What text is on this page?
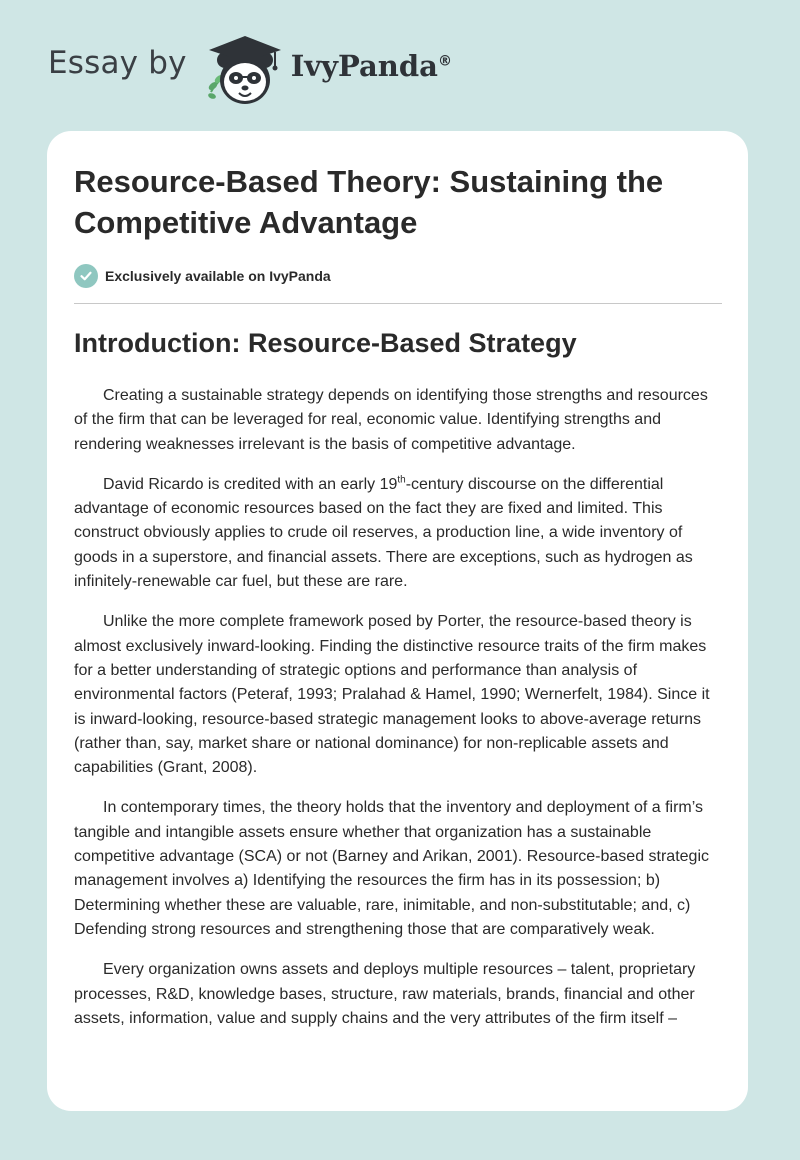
Essay by	IvyPanda®
Resource-Based Theory: Sustaining the Competitive Advantage
Exclusively available on IvyPanda
Introduction: Resource-Based Strategy

Creating a sustainable strategy depends on identifying those strengths and resources of the firm that can be leveraged for real, economic value. Identifying strengths and rendering weaknesses irrelevant is the basis of competitive advantage.

David Ricardo is credited with an early 19th-century discourse on the differential advantage of economic resources based on the fact they are fixed and limited. This construct obviously applies to crude oil reserves, a production line, a wide inventory of goods in a superstore, and financial assets. There are exceptions, such as hydrogen as infinitely-renewable car fuel, but these are rare.

Unlike the more complete framework posed by Porter, the resource-based theory is almost exclusively inward-looking. Finding the distinctive resource traits of the firm makes for a better understanding of strategic options and performance than analysis of environmental factors (Peteraf, 1993; Pralahad & Hamel, 1990; Wernerfelt, 1984). Since it is inward-looking, resource-based strategic management looks to above-average returns (rather than, say, market share or national dominance) for non-replicable assets and capabilities (Grant, 2008).

In contemporary times, the theory holds that the inventory and deployment of a firm’s tangible and intangible assets ensure whether that organization has a sustainable competitive advantage (SCA) or not (Barney and Arikan, 2001). Resource-based strategic management involves a) Identifying the resources the firm has in its possession; b) Determining whether these are valuable, rare, inimitable, and non-substitutable; and, c) Defending strong resources and strengthening those that are comparatively weak.

Every organization owns assets and deploys multiple resources – talent, proprietary processes, R&D, knowledge bases, structure, raw materials, brands, financial and other assets, information, value and supply chains and the very attributes of the firm itself –
